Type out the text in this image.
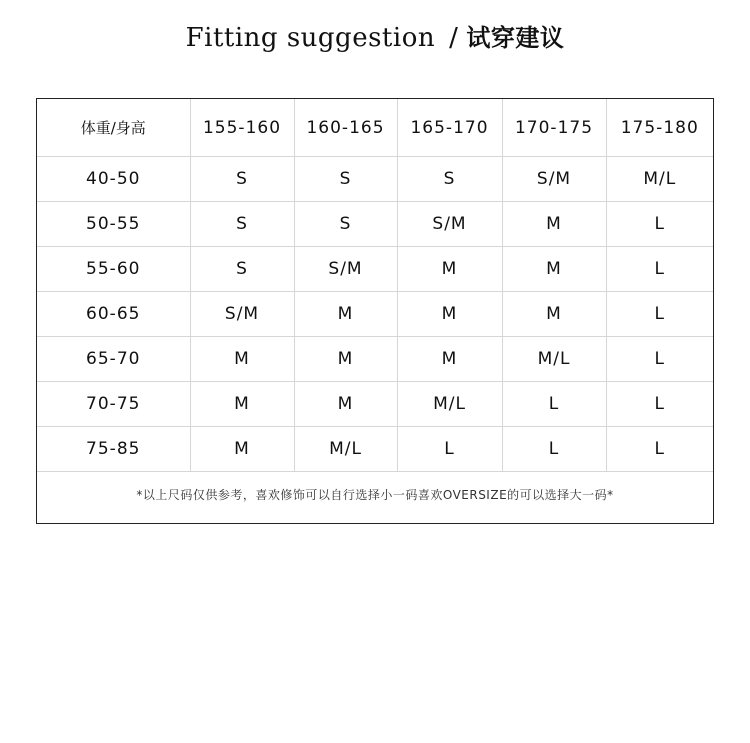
Fitting suggestion / 试穿建议
体重/身高	155-160	160-165	165-170	170-175	175-180
40-50	S	S	S	S/M	M/L
50-55	S	S	S/M	M	L
55-60	S	S/M	M	M	L
60-65	S/M	M	M	M	L
65-70	M	M	M	M/L	L
70-75	M	M	M/L	L	L
75-85	M	M/L	L	L	L
*以上尺码仅供参考，喜欢修饰可以自行选择小一码喜欢OVERSIZE的可以选择大一码*
